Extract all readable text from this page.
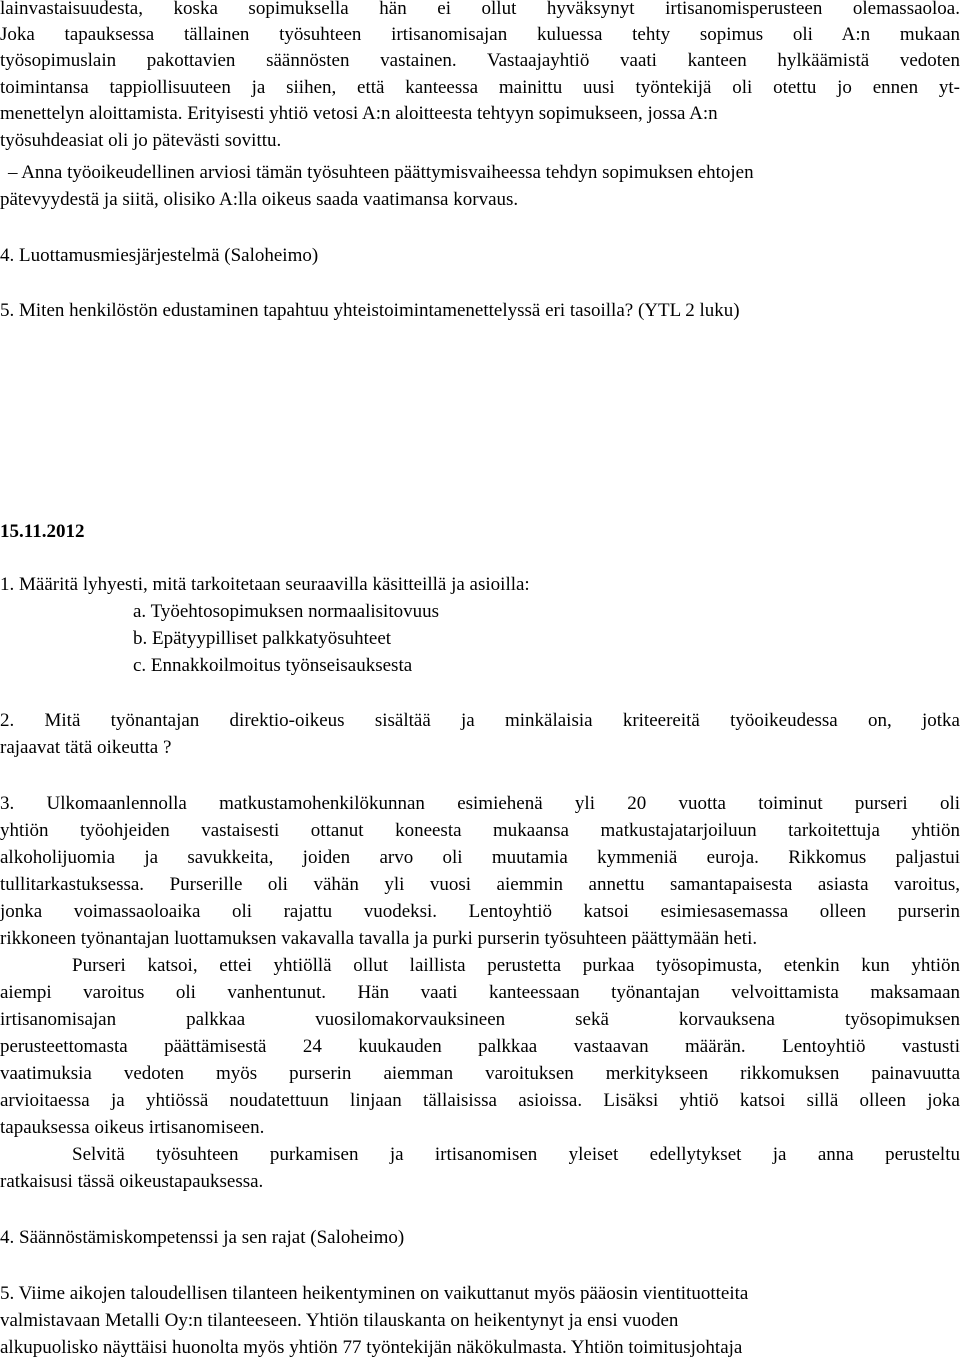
lainvastaisuudesta, koska sopimuksella hän ei ollut hyväksynyt irtisanomisperusteen olemassaoloa.

Joka tapauksessa tällainen työsuhteen irtisanomisajan kuluessa tehty sopimus oli A:n mukaan

työsopimuslain pakottavien säännösten vastainen. Vastaajayhtiö vaati kanteen hylkäämistä vedoten

toimintansa tappiollisuuteen ja siihen, että kanteessa mainittu uusi työntekijä oli otettu jo ennen yt-

menettelyn aloittamista. Erityisesti yhtiö vetosi A:n aloitteesta tehtyyn sopimukseen, jossa A:n

työsuhdeasiat oli jo pätevästi sovittu.

– Anna työoikeudellinen arviosi tämän työsuhteen päättymisvaiheessa tehdyn sopimuksen ehtojen

pätevyydestä ja siitä, olisiko A:lla oikeus saada vaatimansa korvaus.

4. Luottamusmiesjärjestelmä (Saloheimo)

5. Miten henkilöstön edustaminen tapahtuu yhteistoimintamenettelyssä eri tasoilla? (YTL 2 luku)

15.11.2012

1. Määritä lyhyesti, mitä tarkoitetaan seuraavilla käsitteillä ja asioilla:

a. Työehtosopimuksen normaalisitovuus

b. Epätyypilliset palkkatyösuhteet

c. Ennakkoilmoitus työnseisauksesta

2. Mitä työnantajan direktio-oikeus sisältää ja minkälaisia kriteereitä työoikeudessa on, jotka

rajaavat tätä oikeutta ?

3. Ulkomaanlennolla matkustamohenkilökunnan esimiehenä yli 20 vuotta toiminut purseri oli

yhtiön työohjeiden vastaisesti ottanut koneesta mukaansa matkustajatarjoiluun tarkoitettuja yhtiön

alkoholijuomia ja savukkeita, joiden arvo oli muutamia kymmeniä euroja. Rikkomus paljastui

tullitarkastuksessa. Purserille oli vähän yli vuosi aiemmin annettu samantapaisesta asiasta varoitus,

jonka voimassaoloaika oli rajattu vuodeksi. Lentoyhtiö katsoi esimiesasemassa olleen purserin

rikkoneen työnantajan luottamuksen vakavalla tavalla ja purki purserin työsuhteen päättymään heti.

Purseri katsoi, ettei yhtiöllä ollut laillista perustetta purkaa työsopimusta, etenkin kun yhtiön

aiempi varoitus oli vanhentunut. Hän vaati kanteessaan työnantajan velvoittamista maksamaan

irtisanomisajan palkkaa vuosilomakorvauksineen sekä korvauksena työsopimuksen

perusteettomasta päättämisestä 24 kuukauden palkkaa vastaavan määrän. Lentoyhtiö vastusti

vaatimuksia vedoten myös purserin aiemman varoituksen merkitykseen rikkomuksen painavuutta

arvioitaessa ja yhtiössä noudatettuun linjaan tällaisissa asioissa. Lisäksi yhtiö katsoi sillä olleen joka

tapauksessa oikeus irtisanomiseen.

Selvitä työsuhteen purkamisen ja irtisanomisen yleiset edellytykset ja anna perusteltu

ratkaisusi tässä oikeustapauksessa.

4. Säännöstämiskompetenssi ja sen rajat (Saloheimo)

5. Viime aikojen taloudellisen tilanteen heikentyminen on vaikuttanut myös pääosin vientituotteita

valmistavaan Metalli Oy:n tilanteeseen. Yhtiön tilauskanta on heikentynyt ja ensi vuoden

alkupuolisko näyttäisi huonolta myös yhtiön 77 työntekijän näkökulmasta. Yhtiön toimitusjohtaja
